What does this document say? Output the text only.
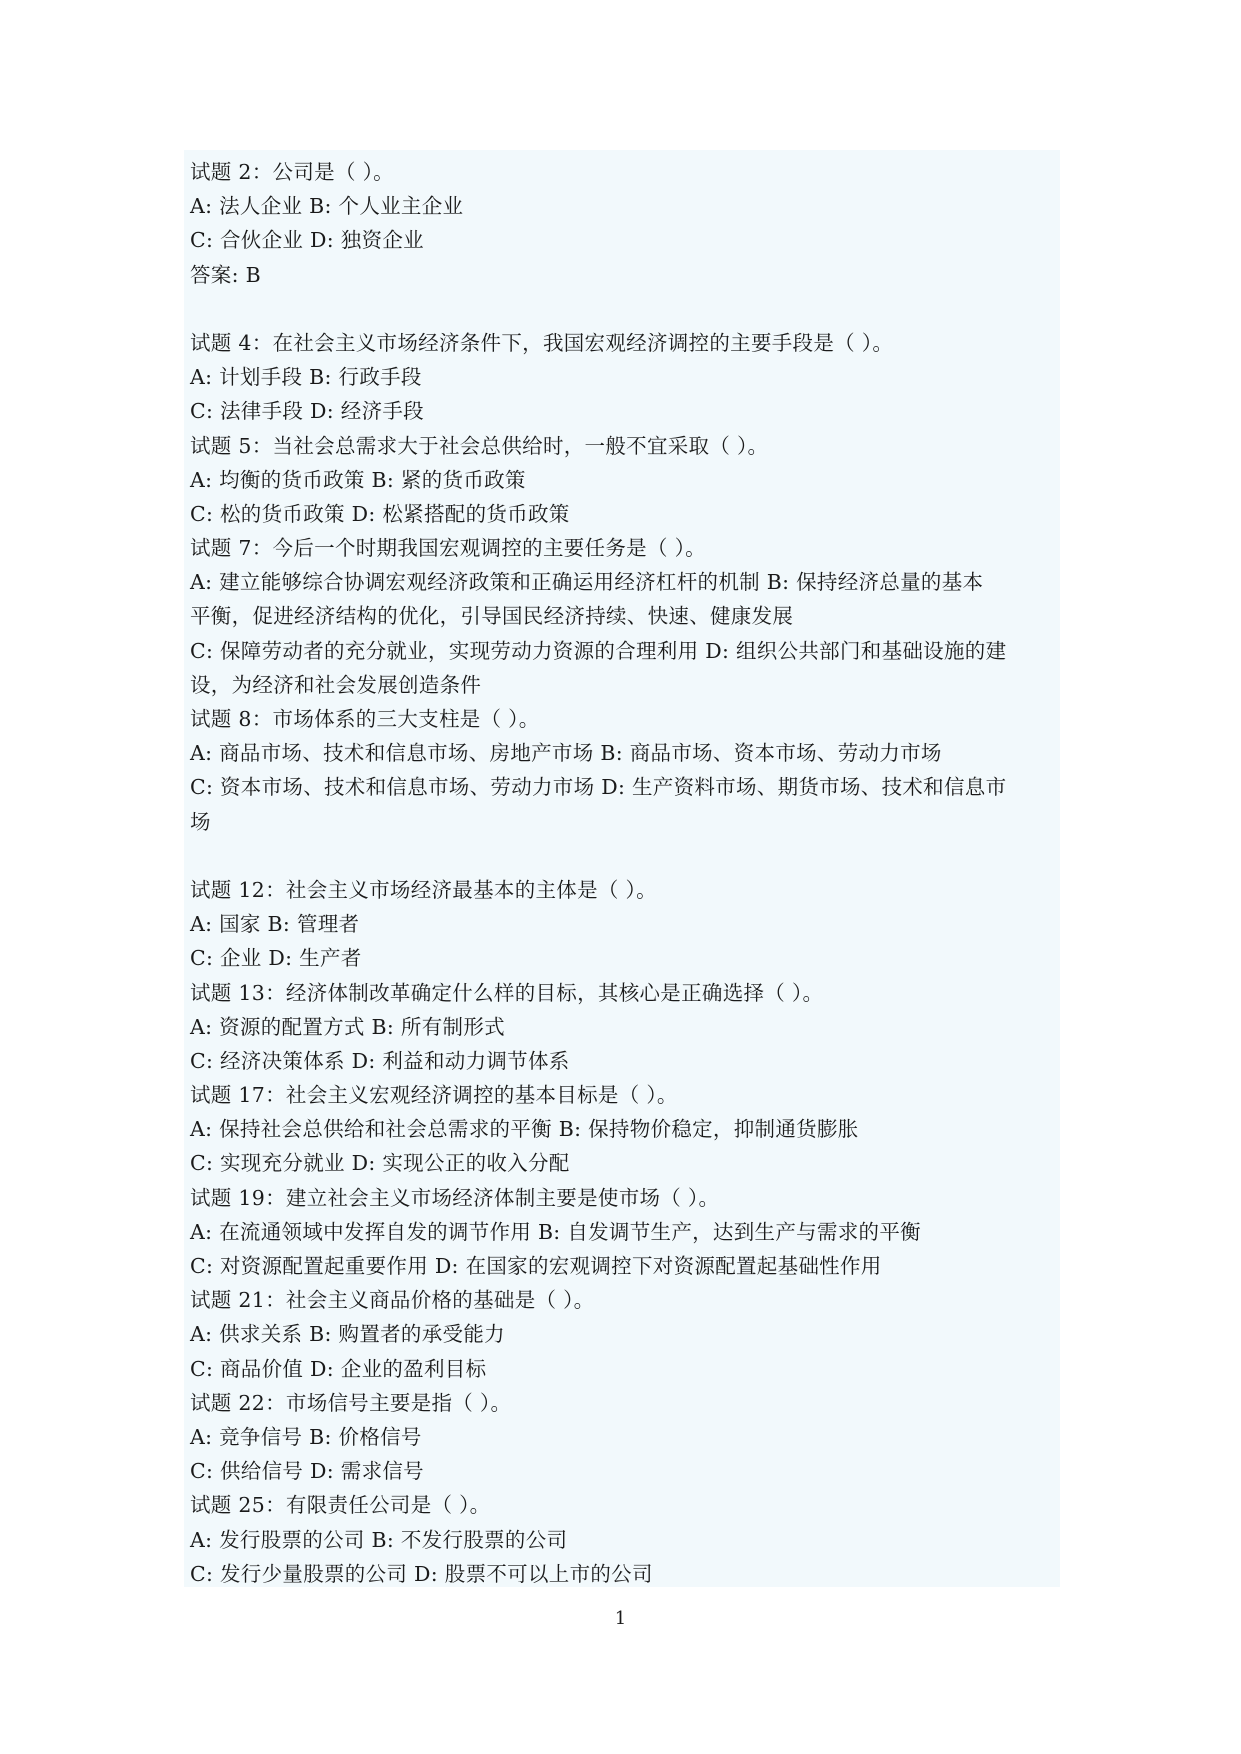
试题 2：公司是（ ）。
A: 法人企业 B: 个人业主企业
C: 合伙企业 D: 独资企业
答案: B
试题 4：在社会主义市场经济条件下，我国宏观经济调控的主要手段是（ ）。
A: 计划手段 B: 行政手段
C: 法律手段 D: 经济手段
试题 5：当社会总需求大于社会总供给时，一般不宜采取（ ）。
A: 均衡的货币政策 B: 紧的货币政策
C: 松的货币政策 D: 松紧搭配的货币政策
试题 7：今后一个时期我国宏观调控的主要任务是（ ）。
A: 建立能够综合协调宏观经济政策和正确运用经济杠杆的机制 B: 保持经济总量的基本
平衡，促进经济结构的优化，引导国民经济持续、快速、健康发展
C: 保障劳动者的充分就业，实现劳动力资源的合理利用 D: 组织公共部门和基础设施的建
设，为经济和社会发展创造条件
试题 8：市场体系的三大支柱是（ ）。
A: 商品市场、技术和信息市场、房地产市场 B: 商品市场、资本市场、劳动力市场
C: 资本市场、技术和信息市场、劳动力市场 D: 生产资料市场、期货市场、技术和信息市
场
试题 12：社会主义市场经济最基本的主体是（ ）。
A: 国家 B: 管理者
C: 企业 D: 生产者
试题 13：经济体制改革确定什么样的目标，其核心是正确选择（ ）。
A: 资源的配置方式 B: 所有制形式
C: 经济决策体系 D: 利益和动力调节体系
试题 17：社会主义宏观经济调控的基本目标是（ ）。
A: 保持社会总供给和社会总需求的平衡 B: 保持物价稳定，抑制通货膨胀
C: 实现充分就业 D: 实现公正的收入分配
试题 19：建立社会主义市场经济体制主要是使市场（ ）。
A: 在流通领域中发挥自发的调节作用 B: 自发调节生产，达到生产与需求的平衡
C: 对资源配置起重要作用 D: 在国家的宏观调控下对资源配置起基础性作用
试题 21：社会主义商品价格的基础是（ ）。
A: 供求关系 B: 购置者的承受能力
C: 商品价值 D: 企业的盈利目标
试题 22：市场信号主要是指（ ）。
A: 竞争信号 B: 价格信号
C: 供给信号 D: 需求信号
试题 25：有限责任公司是（ ）。
A: 发行股票的公司 B: 不发行股票的公司
C: 发行少量股票的公司 D: 股票不可以上市的公司
1
